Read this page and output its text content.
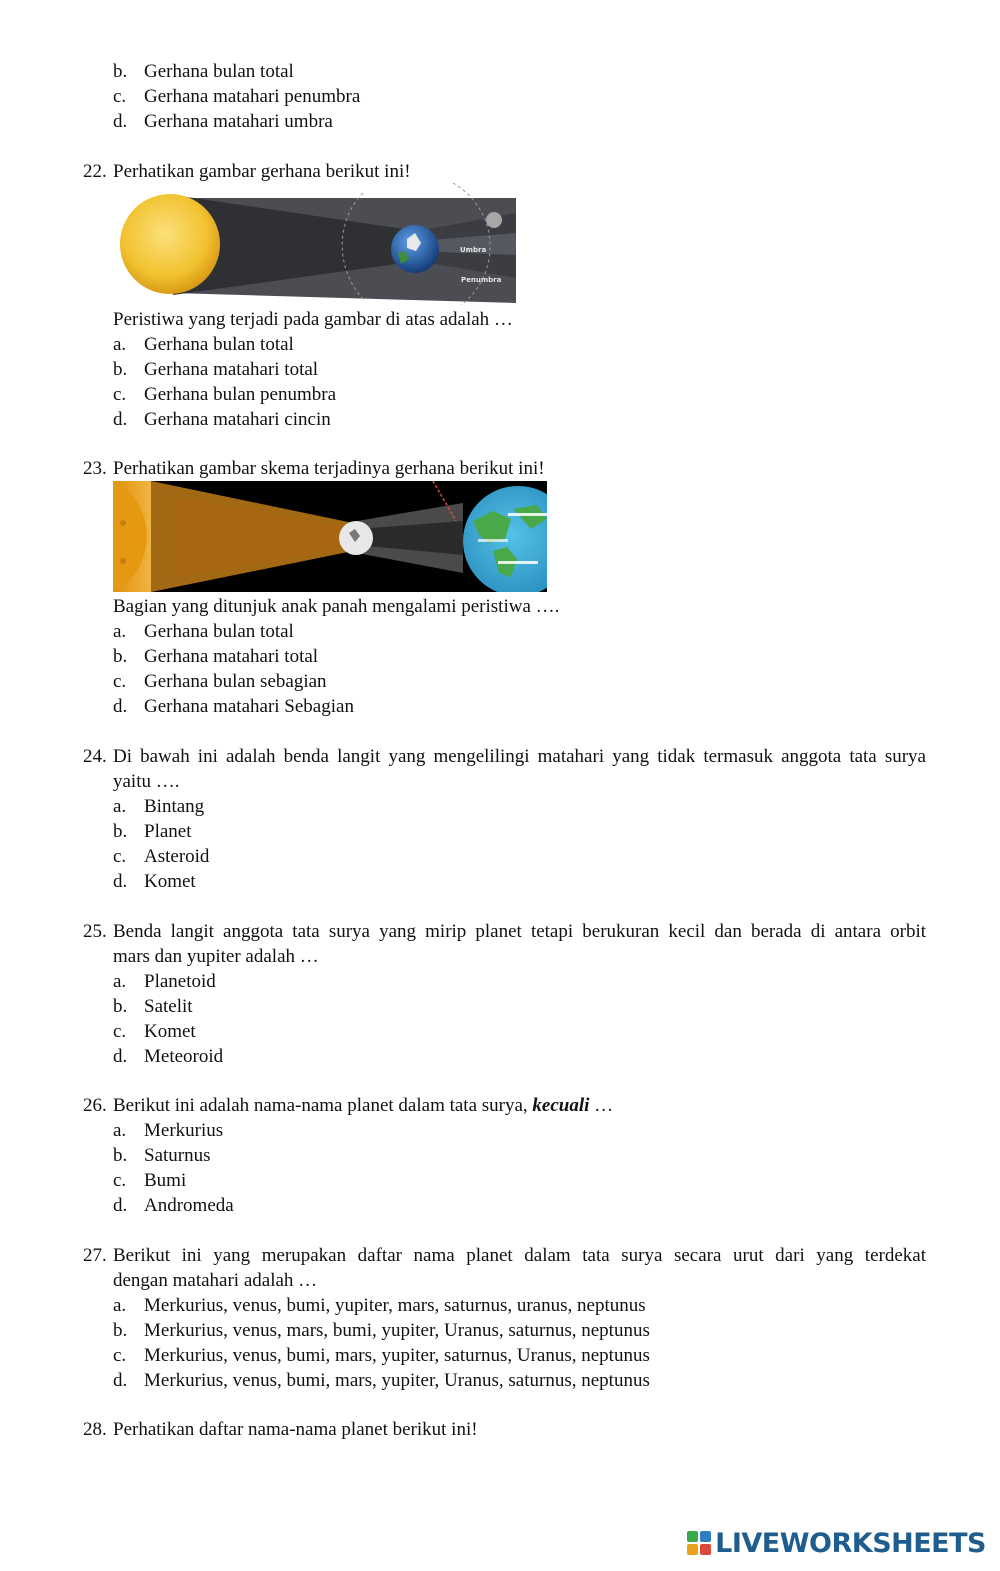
b. Gerhana bulan total
c. Gerhana matahari penumbra
d. Gerhana matahari umbra
22. Perhatikan gambar gerhana berikut ini!
Umbra
Penumbra
Peristiwa yang terjadi pada gambar di atas adalah …
a. Gerhana bulan total
b. Gerhana matahari total
c. Gerhana bulan penumbra
d. Gerhana matahari cincin
23. Perhatikan gambar skema terjadinya gerhana berikut ini!
Bagian yang ditunjuk anak panah mengalami peristiwa ….
a. Gerhana bulan total
b. Gerhana matahari total
c. Gerhana bulan sebagian
d. Gerhana matahari Sebagian
24. Di bawah ini adalah benda langit yang mengelilingi matahari yang tidak termasuk anggota tata surya
yaitu ….
a. Bintang
b. Planet
c. Asteroid
d. Komet
25. Benda langit anggota tata surya yang mirip planet tetapi berukuran kecil dan berada di antara orbit
mars dan yupiter adalah …
a. Planetoid
b. Satelit
c. Komet
d. Meteoroid
26. Berikut ini adalah nama-nama planet dalam tata surya, kecuali …
a. Merkurius
b. Saturnus
c. Bumi
d. Andromeda
27. Berikut ini yang merupakan daftar nama planet dalam tata surya secara urut dari yang terdekat
dengan matahari adalah …
a. Merkurius, venus, bumi, yupiter, mars, saturnus, uranus, neptunus
b. Merkurius, venus, mars, bumi, yupiter, Uranus, saturnus, neptunus
c. Merkurius, venus, bumi, mars, yupiter, saturnus, Uranus, neptunus
d. Merkurius, venus, bumi, mars, yupiter, Uranus, saturnus, neptunus
28. Perhatikan daftar nama-nama planet berikut ini!
LIVEWORKSHEETS
